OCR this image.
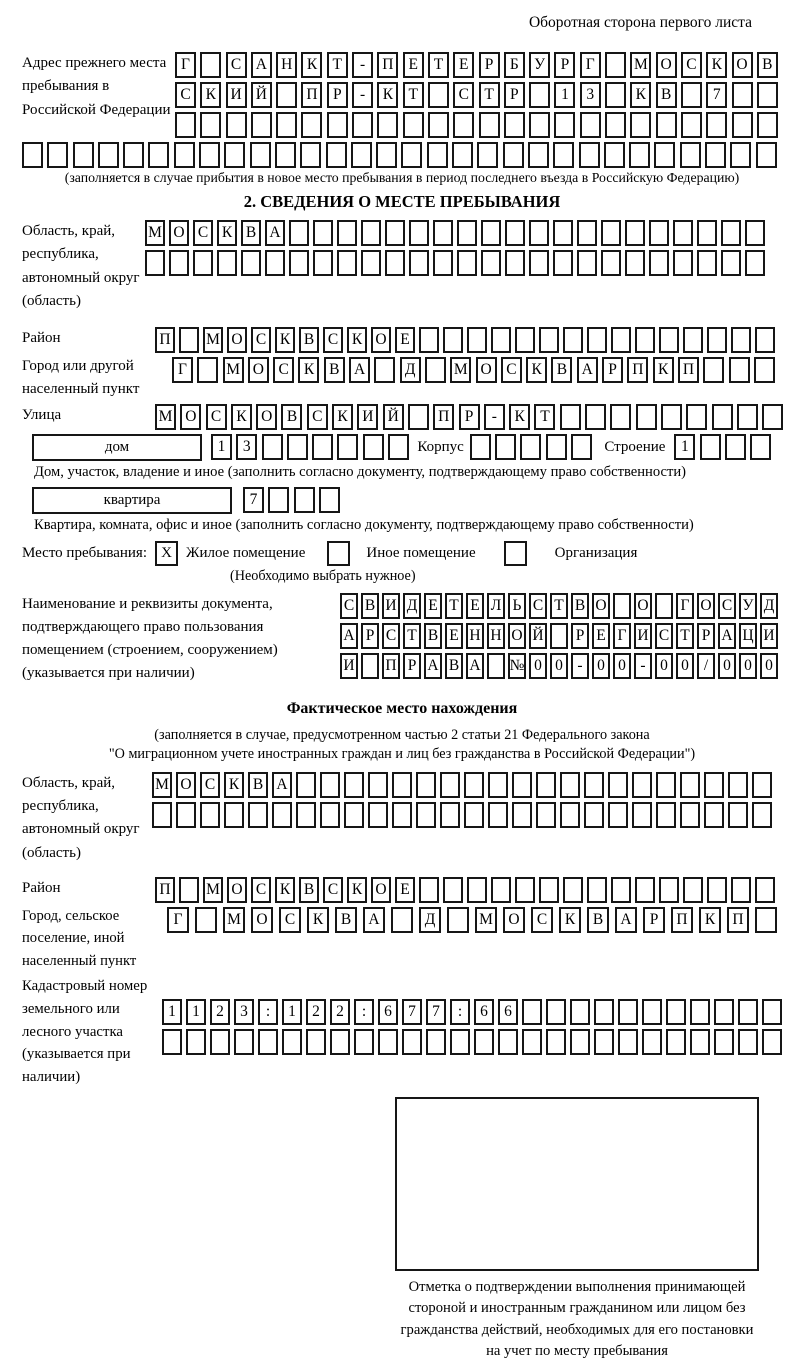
Оборотная сторона первого листа
Адрес прежнего места пребывания в Российской Федерации
Г	С А Н К Т	-	П Е	Т	Е	Р	Б У	Р	Г	М О С К О В
С К И Й	П Р	-	К Т	С Т	Р	1	3	К В	7
(заполняется в случае прибытия в новое место пребывания в период последнего въезда в Российскую Федерацию)
2. СВЕДЕНИЯ О МЕСТЕ ПРЕБЫВАНИЯ
Область, край, республика, автономный округ (область)
М О С К В А
Район	П М О С К В С К О Е
Город или другой населенный пункт
Г	М О С К В А	Д	М О С К В А Р П К П
Улица	М О С К О В С К И Й	П Р	-	К Т
дом	1	3	Корпус	Строение	1
Дом, участок, владение и иное (заполнить согласно документу, подтверждающему право собственности)
квартира	7
Квартира, комната, офис и иное (заполнить согласно документу, подтверждающему право собственности)
Место пребывания: X Жилое помещение	Иное помещение	Организация
(Необходимо выбрать нужное)
Наименование и реквизиты документа, подтверждающего право пользования помещением (строением, сооружением) (указывается при наличии)
С В И Д Е Т Е Л Ь С Т В О О Г О С У Д
А Р С Т В Е Н Н О Й	Р Е Г И С Т Р А Ц И
И П Р А В А № 0 0 - 0 0 - 0 0 / 0 0 0
Фактическое место нахождения
(заполняется в случае, предусмотренном частью 2 статьи 21 Федерального закона
"О миграционном учете иностранных граждан и лиц без гражданства в Российской Федерации")
Область, край, республика, автономный округ (область)
М О С К В А
Район	П М О С К В С К О Е
Город, сельское поселение, иной населенный пункт
Г	М	О	С	К	В	А	Д	М	О	С	К	В	А	Р	П	К	П
Кадастровый номер земельного или лесного участка (указывается при наличии)
1	1	2	3	:	1	2	2	:	6	7	7	:	6	6
Отметка о подтверждении выполнения принимающей
стороной и иностранным гражданином или лицом без
гражданства действий, необходимых для его постановки
на учет по месту пребывания
